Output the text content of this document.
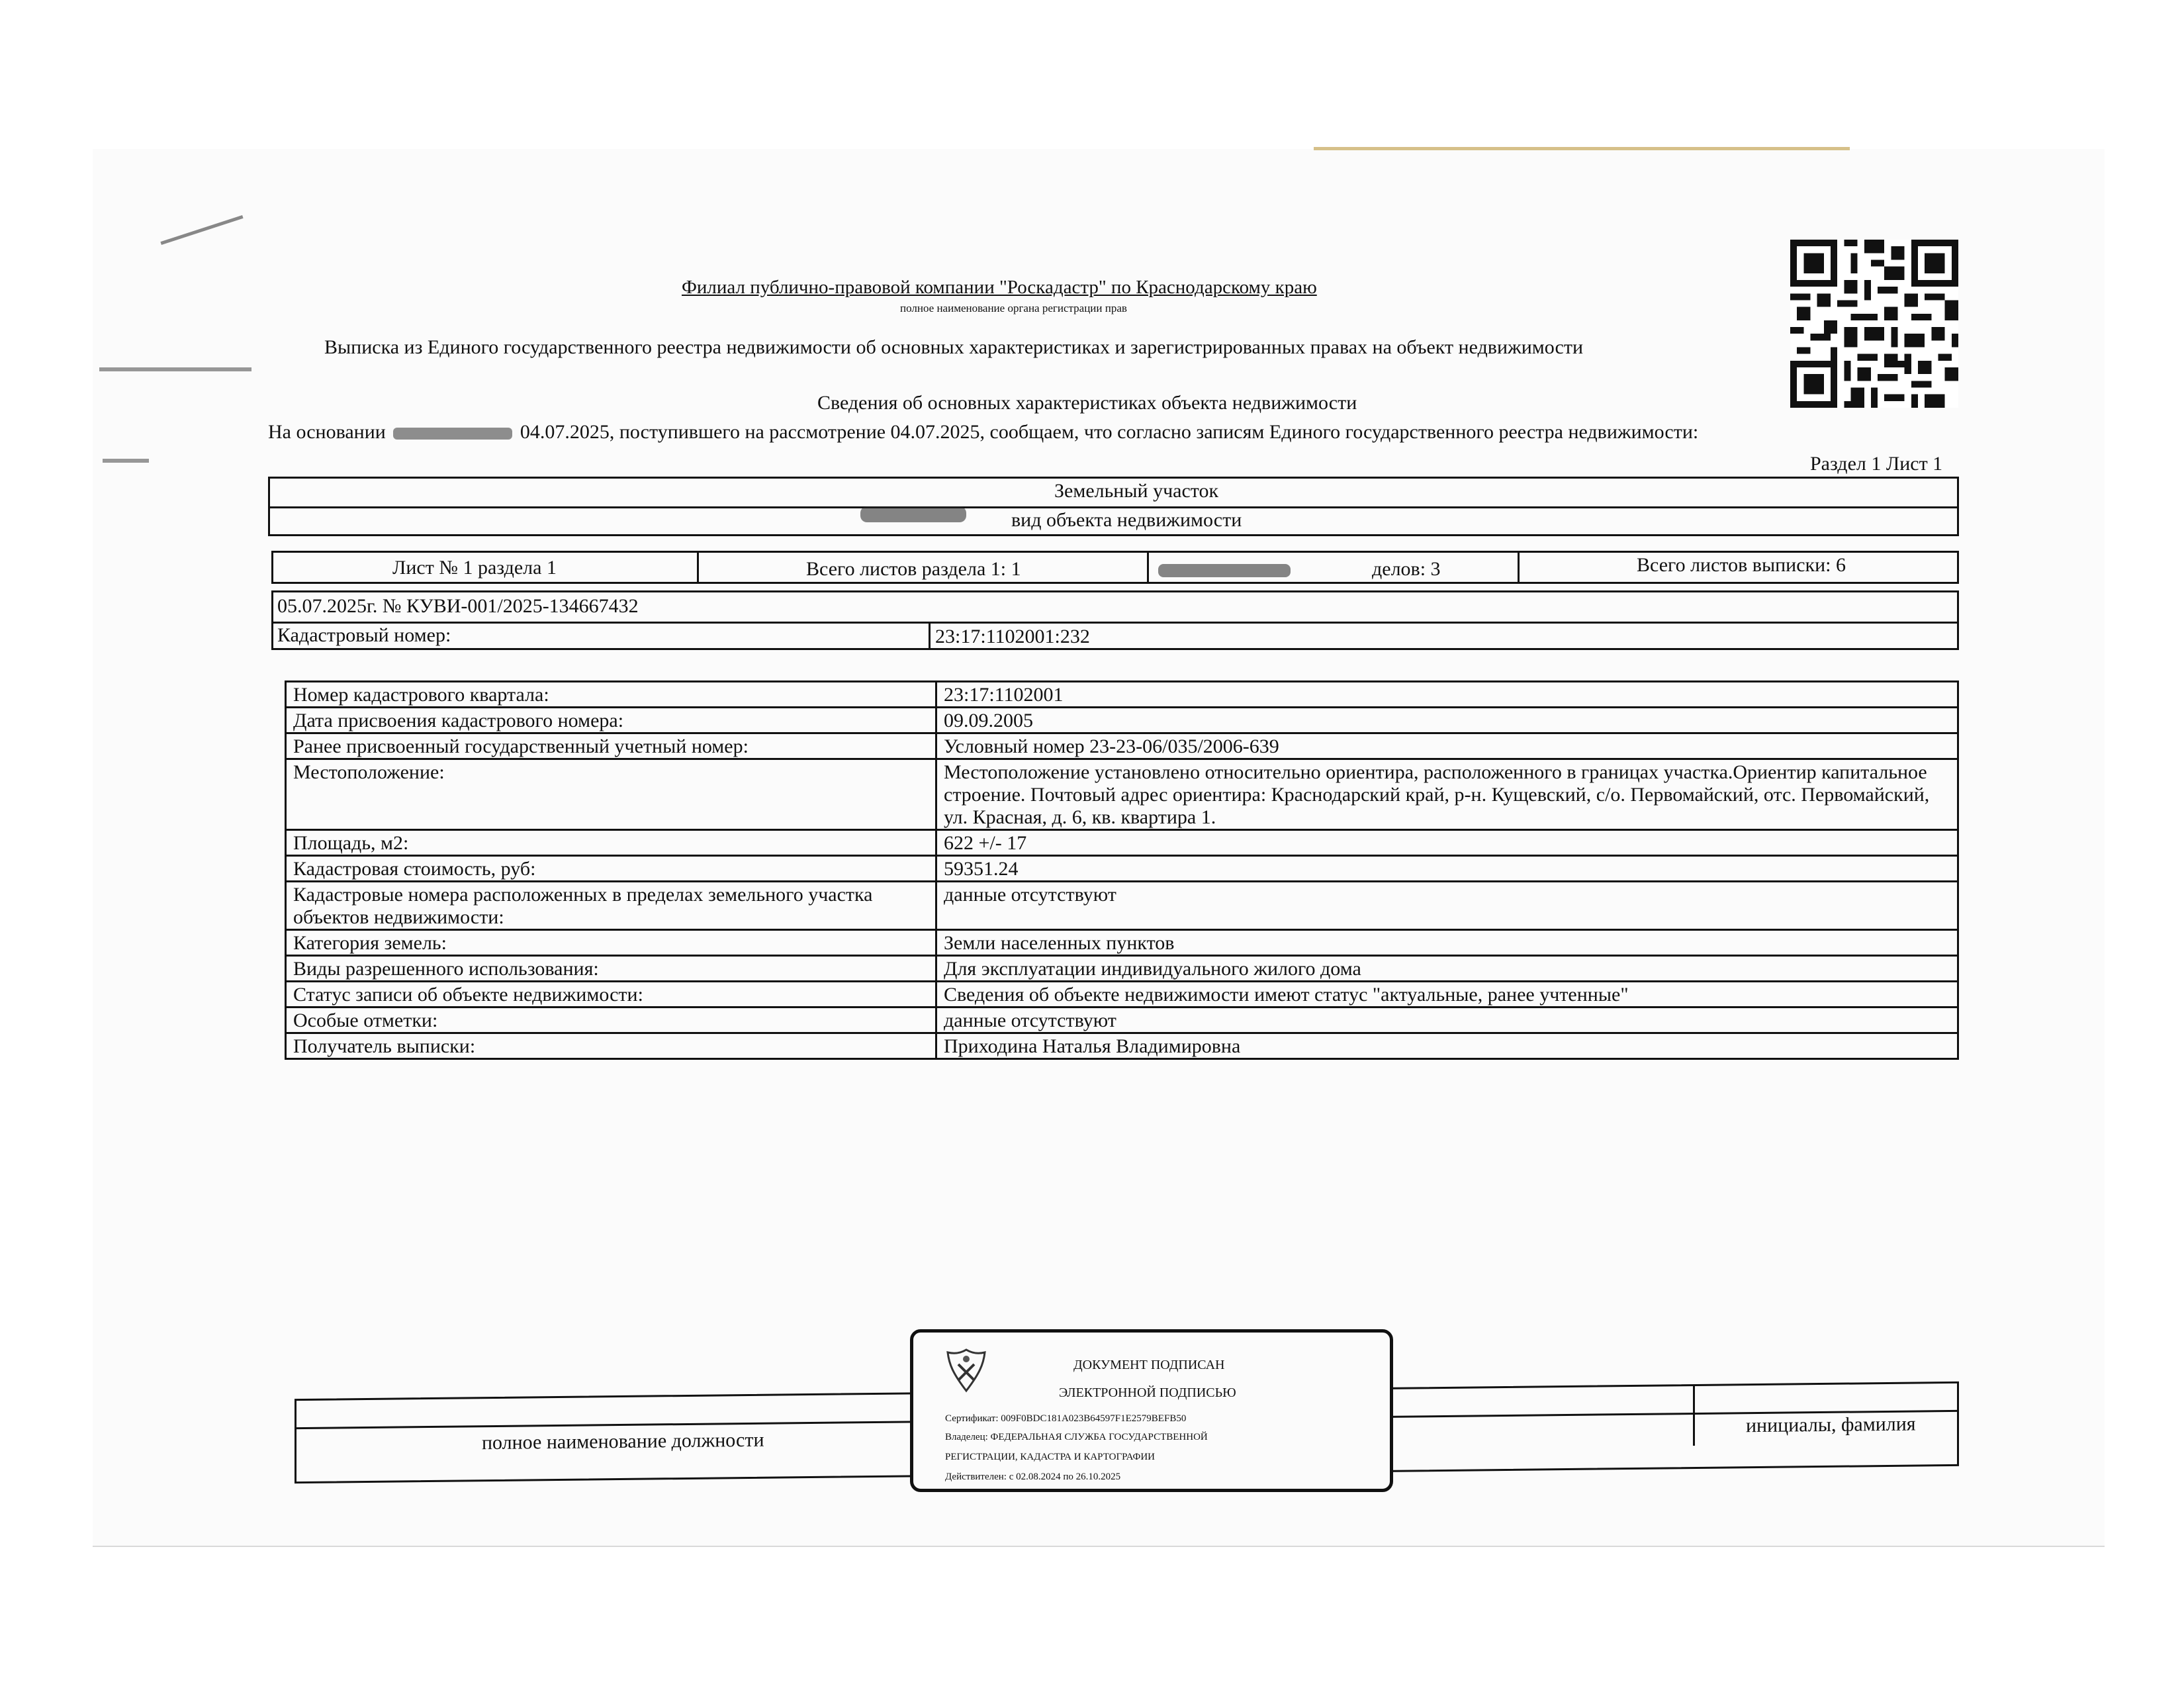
Филиал публично-правовой компании "Роскадастр" по Краснодарскому краю
полное наименование органа регистрации прав
Выписка из Единого государственного реестра недвижимости об основных характеристиках и зарегистрированных правах на объект недвижимости
Сведения об основных характеристиках объекта недвижимости
На основании	04.07.2025, поступившего на рассмотрение 04.07.2025, сообщаем, что согласно записям Единого государственного реестра недвижимости:
Раздел 1 Лист 1
Земельный участок
вид объекта недвижимости
Лист № 1 раздела 1	Всего листов раздела 1: 1	делов: 3	Всего листов выписки: 6
05.07.2025г. № КУВИ-001/2025-134667432
Кадастровый номер:	23:17:1102001:232
Номер кадастрового квартала:	23:17:1102001
Дата присвоения кадастрового номера:	09.09.2005
Ранее присвоенный государственный учетный номер:	Условный номер 23-23-06/035/2006-639
Местоположение:	Местоположение установлено относительно ориентира, расположенного в границах участка.Ориентир капитальное строение. Почтовый адрес ориентира: Краснодарский край, р-н. Кущевский, с/о. Первомайский, отс. Первомайский, ул. Красная, д. 6, кв. квартира 1.
Площадь, м2:	622 +/- 17
Кадастровая стоимость, руб:	59351.24
Кадастровые номера расположенных в пределах земельного участка объектов недвижимости:	данные отсутствуют
Категория земель:	Земли населенных пунктов
Виды разрешенного использования:	Для эксплуатации индивидуального жилого дома
Статус записи об объекте недвижимости:	Сведения об объекте недвижимости имеют статус "актуальные, ранее учтенные"
Особые отметки:	данные отсутствуют
Получатель выписки:	Приходина Наталья Владимировна
полное наименование должности
инициалы, фамилия
ДОКУМЕНТ ПОДПИСАН
ЭЛЕКТРОННОЙ ПОДПИСЬЮ
Сертификат: 009F0BDC181A023B64597F1E2579BEFB50
Владелец: ФЕДЕРАЛЬНАЯ СЛУЖБА ГОСУДАРСТВЕННОЙ
РЕГИСТРАЦИИ, КАДАСТРА И КАРТОГРАФИИ
Действителен: с 02.08.2024 по 26.10.2025
